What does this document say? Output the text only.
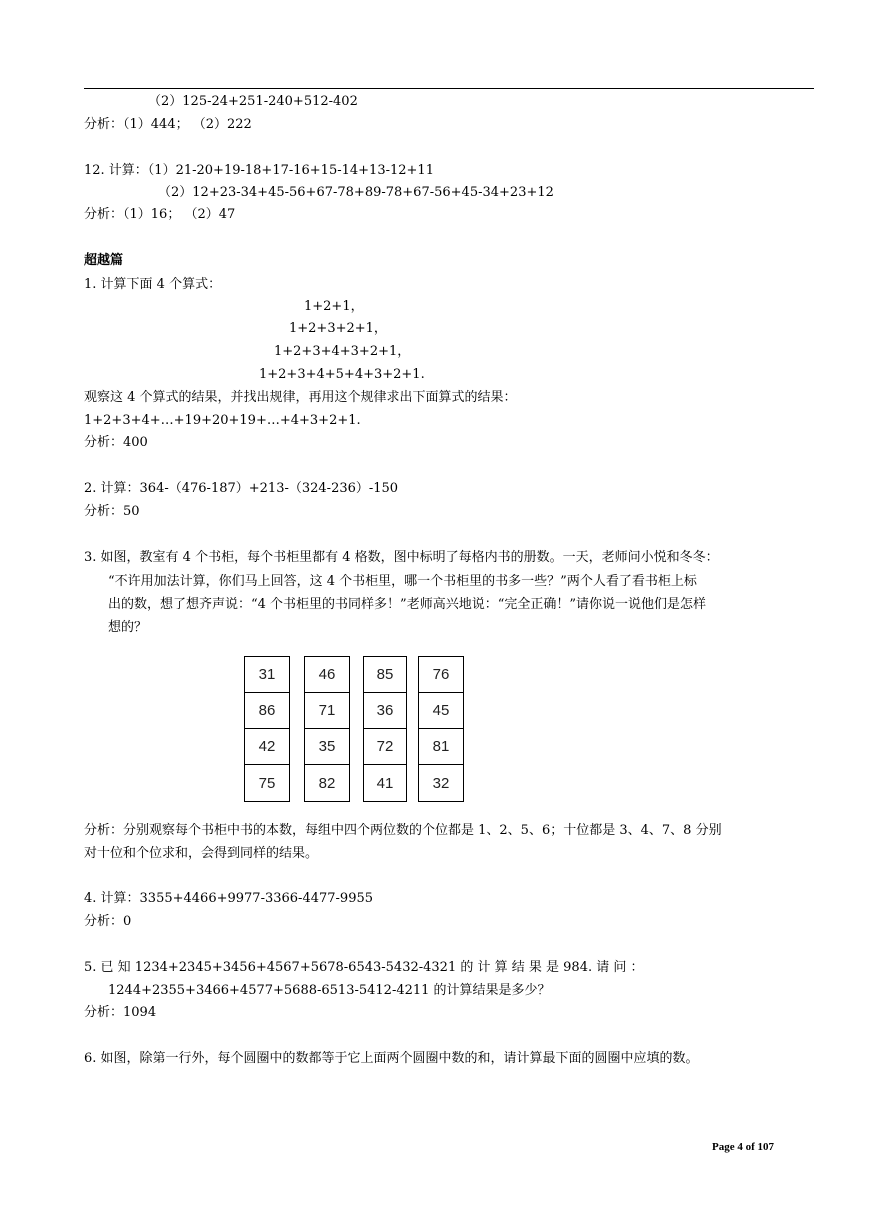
（2）125-24+251-240+512-402
分析：（1）444； （2）222
12. 计算：（1）21-20+19-18+17-16+15-14+13-12+11
（2）12+23-34+45-56+67-78+89-78+67-56+45-34+23+12
分析：（1）16； （2）47
超越篇
1. 计算下面 4 个算式：
1+2+1，
1+2+3+2+1，
1+2+3+4+3+2+1，
1+2+3+4+5+4+3+2+1.
观察这 4 个算式的结果，并找出规律，再用这个规律求出下面算式的结果：
1+2+3+4+…+19+20+19+…+4+3+2+1.
分析：400
2. 计算：364-（476-187）+213-（324-236）-150
分析：50
3. 如图，教室有 4 个书柜，每个书柜里都有 4 格数，图中标明了每格内书的册数。一天，老师问小悦和冬冬：
“不许用加法计算，你们马上回答，这 4 个书柜里，哪一个书柜里的书多一些？”两个人看了看书柜上标
出的数，想了想齐声说：“4 个书柜里的书同样多！”老师高兴地说：“完全正确！”请你说一说他们是怎样
想的？
31
86
42
75
46
71
35
82
85
36
72
41
76
45
81
32
分析：分别观察每个书柜中书的本数，每组中四个两位数的个位都是 1、2、5、6；十位都是 3、4、7、8 分别
对十位和个位求和，会得到同样的结果。
4. 计算：3355+4466+9977-3366-4477-9955
分析：0
5. 已 知 1234+2345+3456+4567+5678-6543-5432-4321 的 计 算 结 果 是 984. 请 问 ：
1244+2355+3466+4577+5688-6513-5412-4211 的计算结果是多少？
分析：1094
6. 如图，除第一行外，每个圆圈中的数都等于它上面两个圆圈中数的和，请计算最下面的圆圈中应填的数。
Page 4 of 107
